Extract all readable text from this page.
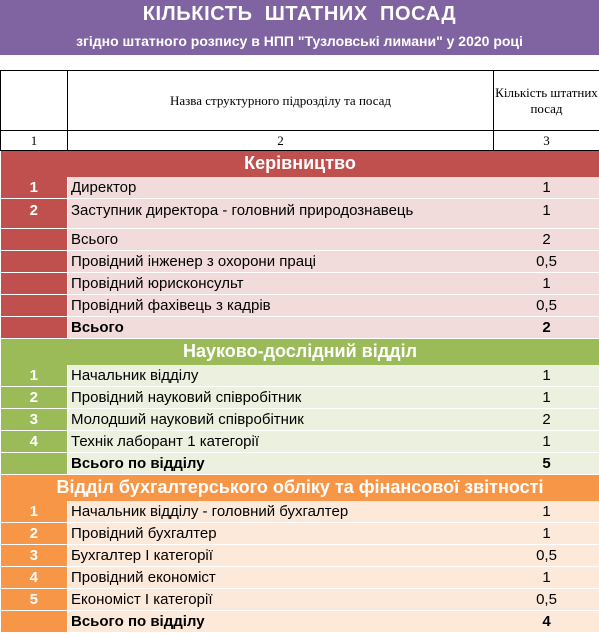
КІЛЬКІСТЬ ШТАТНИХ ПОСАД
згідно штатного розпису в НПП "Тузловські лимани" у 2020 році
	Назва структурного підрозділу та посад	Кількість штатних посад
1	2	3
Керівництво		
1	Директор	1
2	Заступник директора - головний природознавець	1
	Всього	2
	Провідний інженер з охорони праці	0,5
	Провідний юрисконсульт	1
	Провідний фахівець з кадрів	0,5
	Всього	2
Науково-дослідний відділ		
1	Начальник відділу	1
2	Провідний науковий співробітник	1
3	Молодший науковий співробітник	2
4	Технік лаборант 1 категорії	1
	Всього по відділу	5
Відділ бухгалтерського обліку та фінансової звітності		
1	Начальник відділу - головний бухгалтер	1
2	Провідний бухгалтер	1
3	Бухгалтер І категорії	0,5
4	Провідний економіст	1
5	Економіст І категорії	0,5
	Всього по відділу	4
